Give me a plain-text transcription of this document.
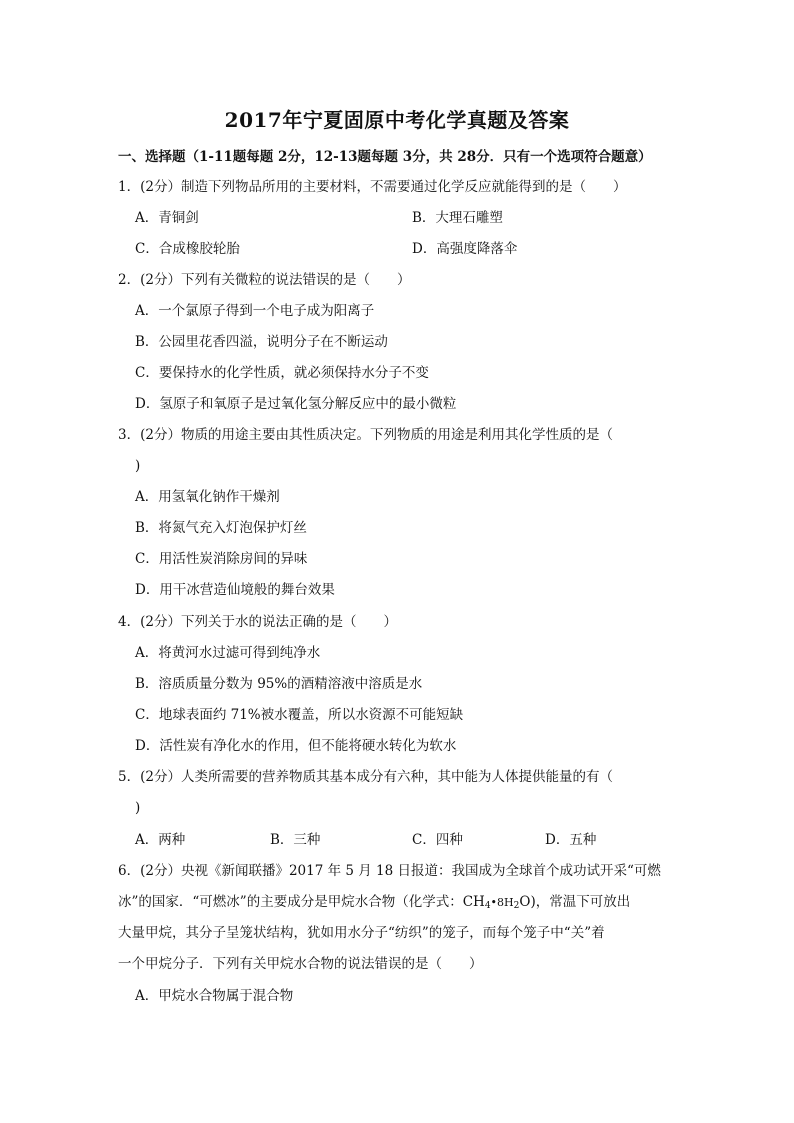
2017年宁夏固原中考化学真题及答案
一、选择题（1-11题每题 2分，12-13题每题 3分，共 28分．只有一个选项符合题意）
1．(2分）制造下列物品所用的主要材料，不需要通过化学反应就能得到的是（　　）
A．青铜剑	B．大理石雕塑
C．合成橡胶轮胎	D．高强度降落伞
2．(2分）下列有关微粒的说法错误的是（　　）
A．一个氯原子得到一个电子成为阳离子
B．公园里花香四溢，说明分子在不断运动
C．要保持水的化学性质，就必须保持水分子不变
D．氢原子和氧原子是过氧化氢分解反应中的最小微粒
3．(2分）物质的用途主要由其性质决定。下列物质的用途是利用其化学性质的是（
)
A．用氢氧化钠作干燥剂
B．将氮气充入灯泡保护灯丝
C．用活性炭消除房间的异味
D．用干冰营造仙境般的舞台效果
4．(2分）下列关于水的说法正确的是（　　）
A．将黄河水过滤可得到纯净水
B．溶质质量分数为 95%的酒精溶液中溶质是水
C．地球表面约 71%被水覆盖，所以水资源不可能短缺
D．活性炭有净化水的作用，但不能将硬水转化为软水
5．(2分）人类所需要的营养物质其基本成分有六种，其中能为人体提供能量的有（
)
A．两种	B．三种	C．四种	D．五种
6．(2分）央视《新闻联播》2017 年 5 月 18 日报道：我国成为全球首个成功试开采“可燃
冰”的国家．“可燃冰”的主要成分是甲烷水合物（化学式：$CH_4•8H_2O$)，常温下可放出
大量甲烷，其分子呈笼状结构，犹如用水分子“纺织”的笼子，而每个笼子中“关”着
一个甲烷分子．下列有关甲烷水合物的说法错误的是（　　）
A．甲烷水合物属于混合物
